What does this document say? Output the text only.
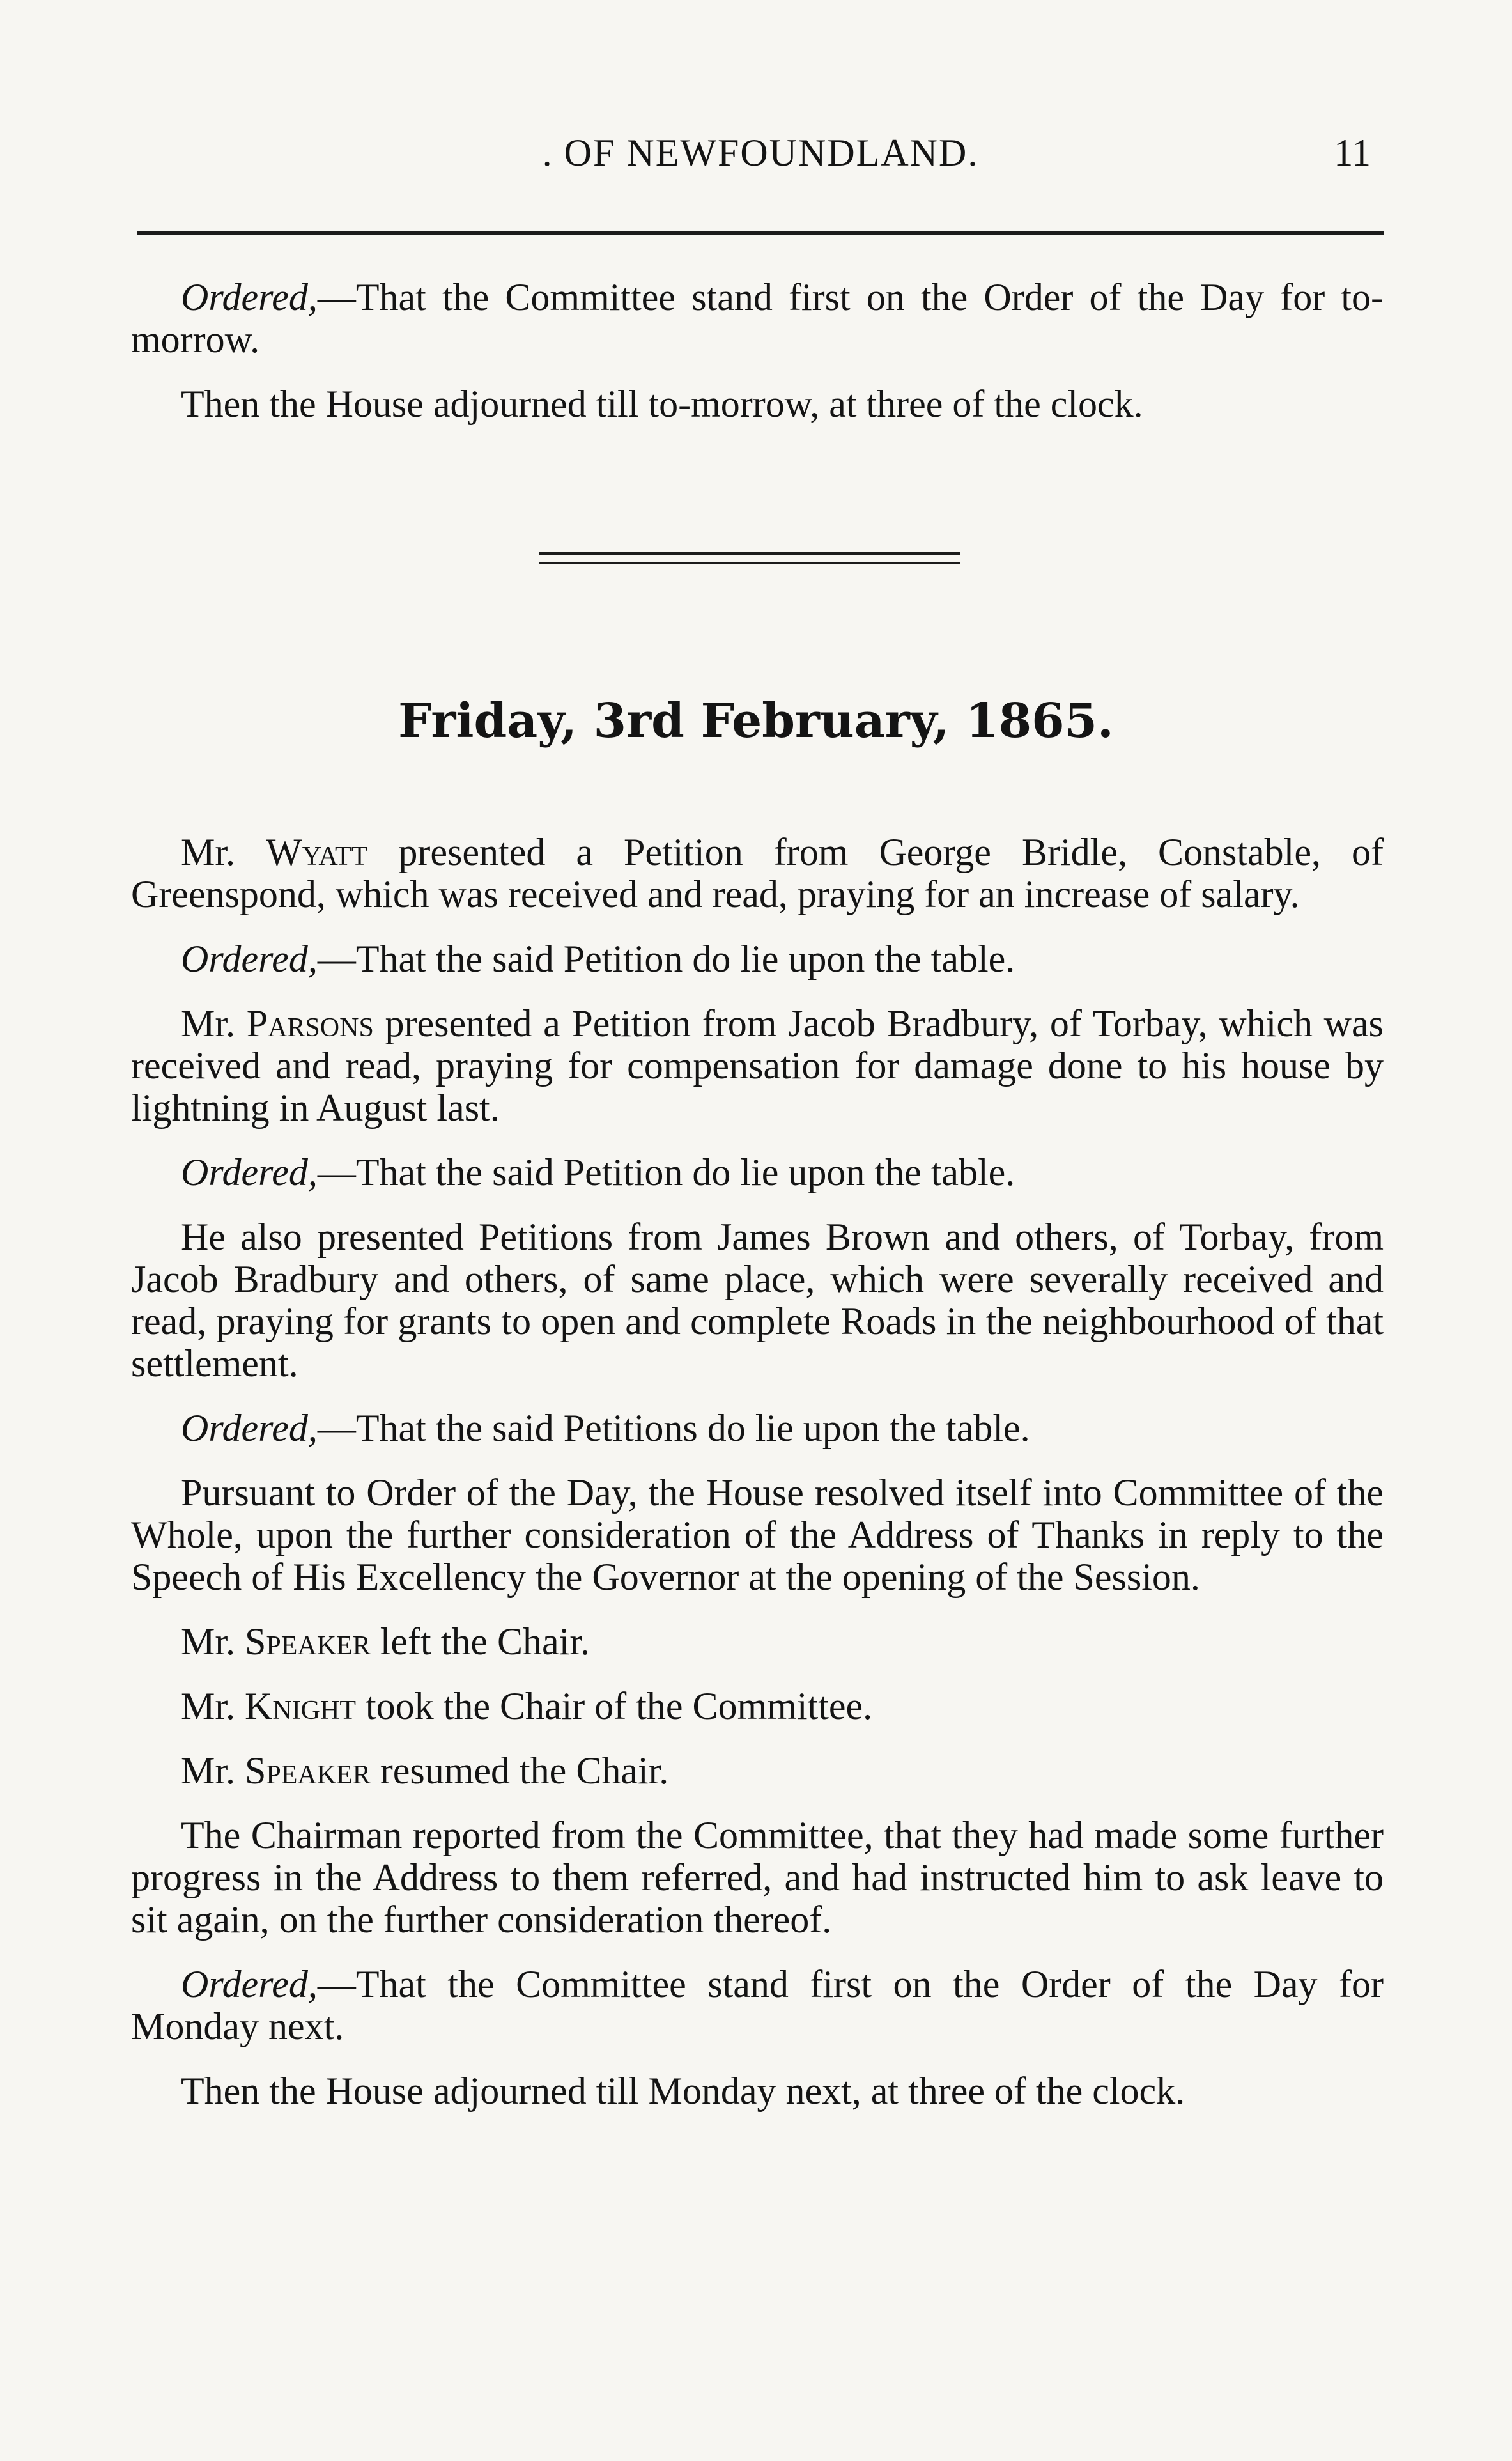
. OF NEWFOUNDLAND.	11

Ordered,—That the Committee stand first on the Order of the Day for to-morrow.

Then the House adjourned till to-morrow, at three of the clock.

Friday, 3rd February, 1865.

Mr. Wyatt presented a Petition from George Bridle, Constable, of Greenspond, which was received and read, praying for an increase of salary.

Ordered,—That the said Petition do lie upon the table.

Mr. Parsons presented a Petition from Jacob Bradbury, of Torbay, which was received and read, praying for compensation for damage done to his house by lightning in August last.

Ordered,—That the said Petition do lie upon the table.

He also presented Petitions from James Brown and others, of Torbay, from Jacob Bradbury and others, of same place, which were severally received and read, praying for grants to open and complete Roads in the neighbourhood of that settlement.

Ordered,—That the said Petitions do lie upon the table.

Pursuant to Order of the Day, the House resolved itself into Committee of the Whole, upon the further consideration of the Address of Thanks in reply to the Speech of His Excellency the Governor at the opening of the Session.

Mr. Speaker left the Chair.

Mr. Knight took the Chair of the Committee.

Mr. Speaker resumed the Chair.

The Chairman reported from the Committee, that they had made some further progress in the Address to them referred, and had instructed him to ask leave to sit again, on the further consideration thereof.

Ordered,—That the Committee stand first on the Order of the Day for Monday next.

Then the House adjourned till Monday next, at three of the clock.
